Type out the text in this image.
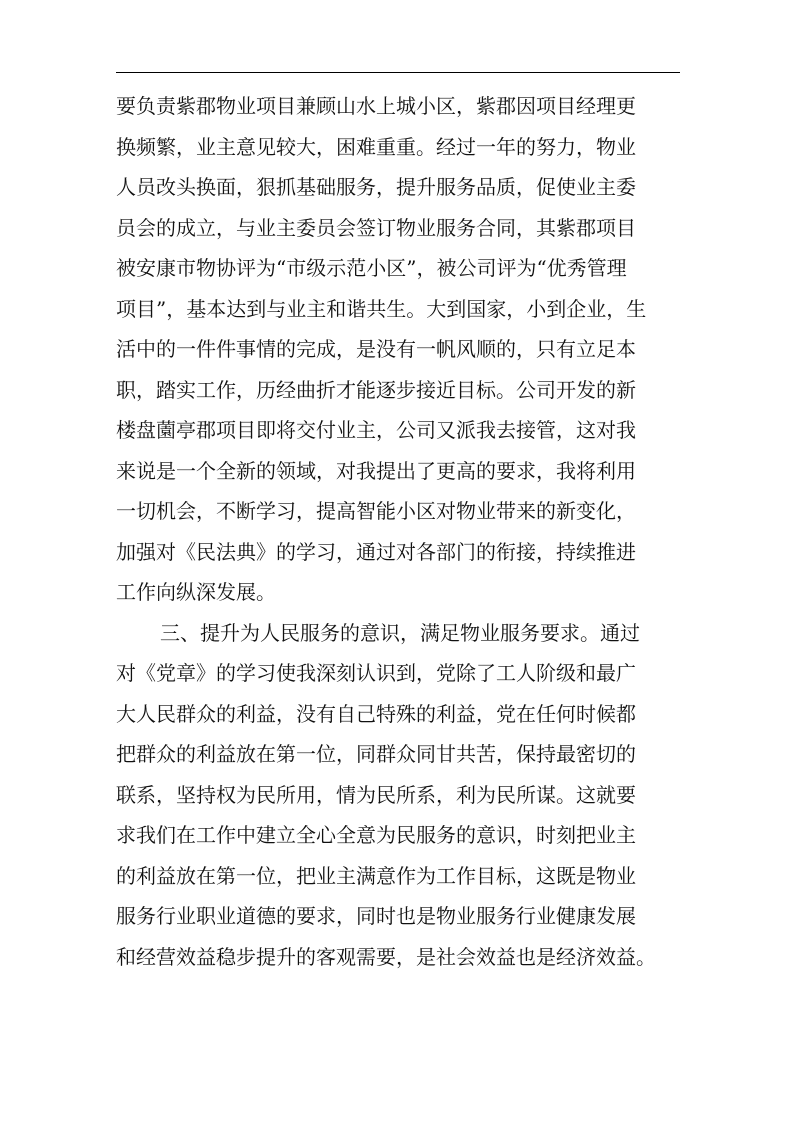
要负责紫郡物业项目兼顾山水上城小区，紫郡因项目经理更
换频繁，业主意见较大，困难重重。经过一年的努力，物业
人员改头换面，狠抓基础服务，提升服务品质，促使业主委
员会的成立，与业主委员会签订物业服务合同，其紫郡项目
被安康市物协评为“市级示范小区”，被公司评为“优秀管理
项目”，基本达到与业主和谐共生。大到国家，小到企业，生
活中的一件件事情的完成，是没有一帆风顺的，只有立足本
职，踏实工作，历经曲折才能逐步接近目标。公司开发的新
楼盘薗亭郡项目即将交付业主，公司又派我去接管，这对我
来说是一个全新的领域，对我提出了更高的要求，我将利用
一切机会，不断学习，提高智能小区对物业带来的新变化，
加强对《民法典》的学习，通过对各部门的衔接，持续推进
工作向纵深发展。
三、提升为人民服务的意识，满足物业服务要求。通过
对《党章》的学习使我深刻认识到，党除了工人阶级和最广
大人民群众的利益，没有自己特殊的利益，党在任何时候都
把群众的利益放在第一位，同群众同甘共苦，保持最密切的
联系，坚持权为民所用，情为民所系，利为民所谋。这就要
求我们在工作中建立全心全意为民服务的意识，时刻把业主
的利益放在第一位，把业主满意作为工作目标，这既是物业
服务行业职业道德的要求，同时也是物业服务行业健康发展
和经营效益稳步提升的客观需要，是社会效益也是经济效益。
